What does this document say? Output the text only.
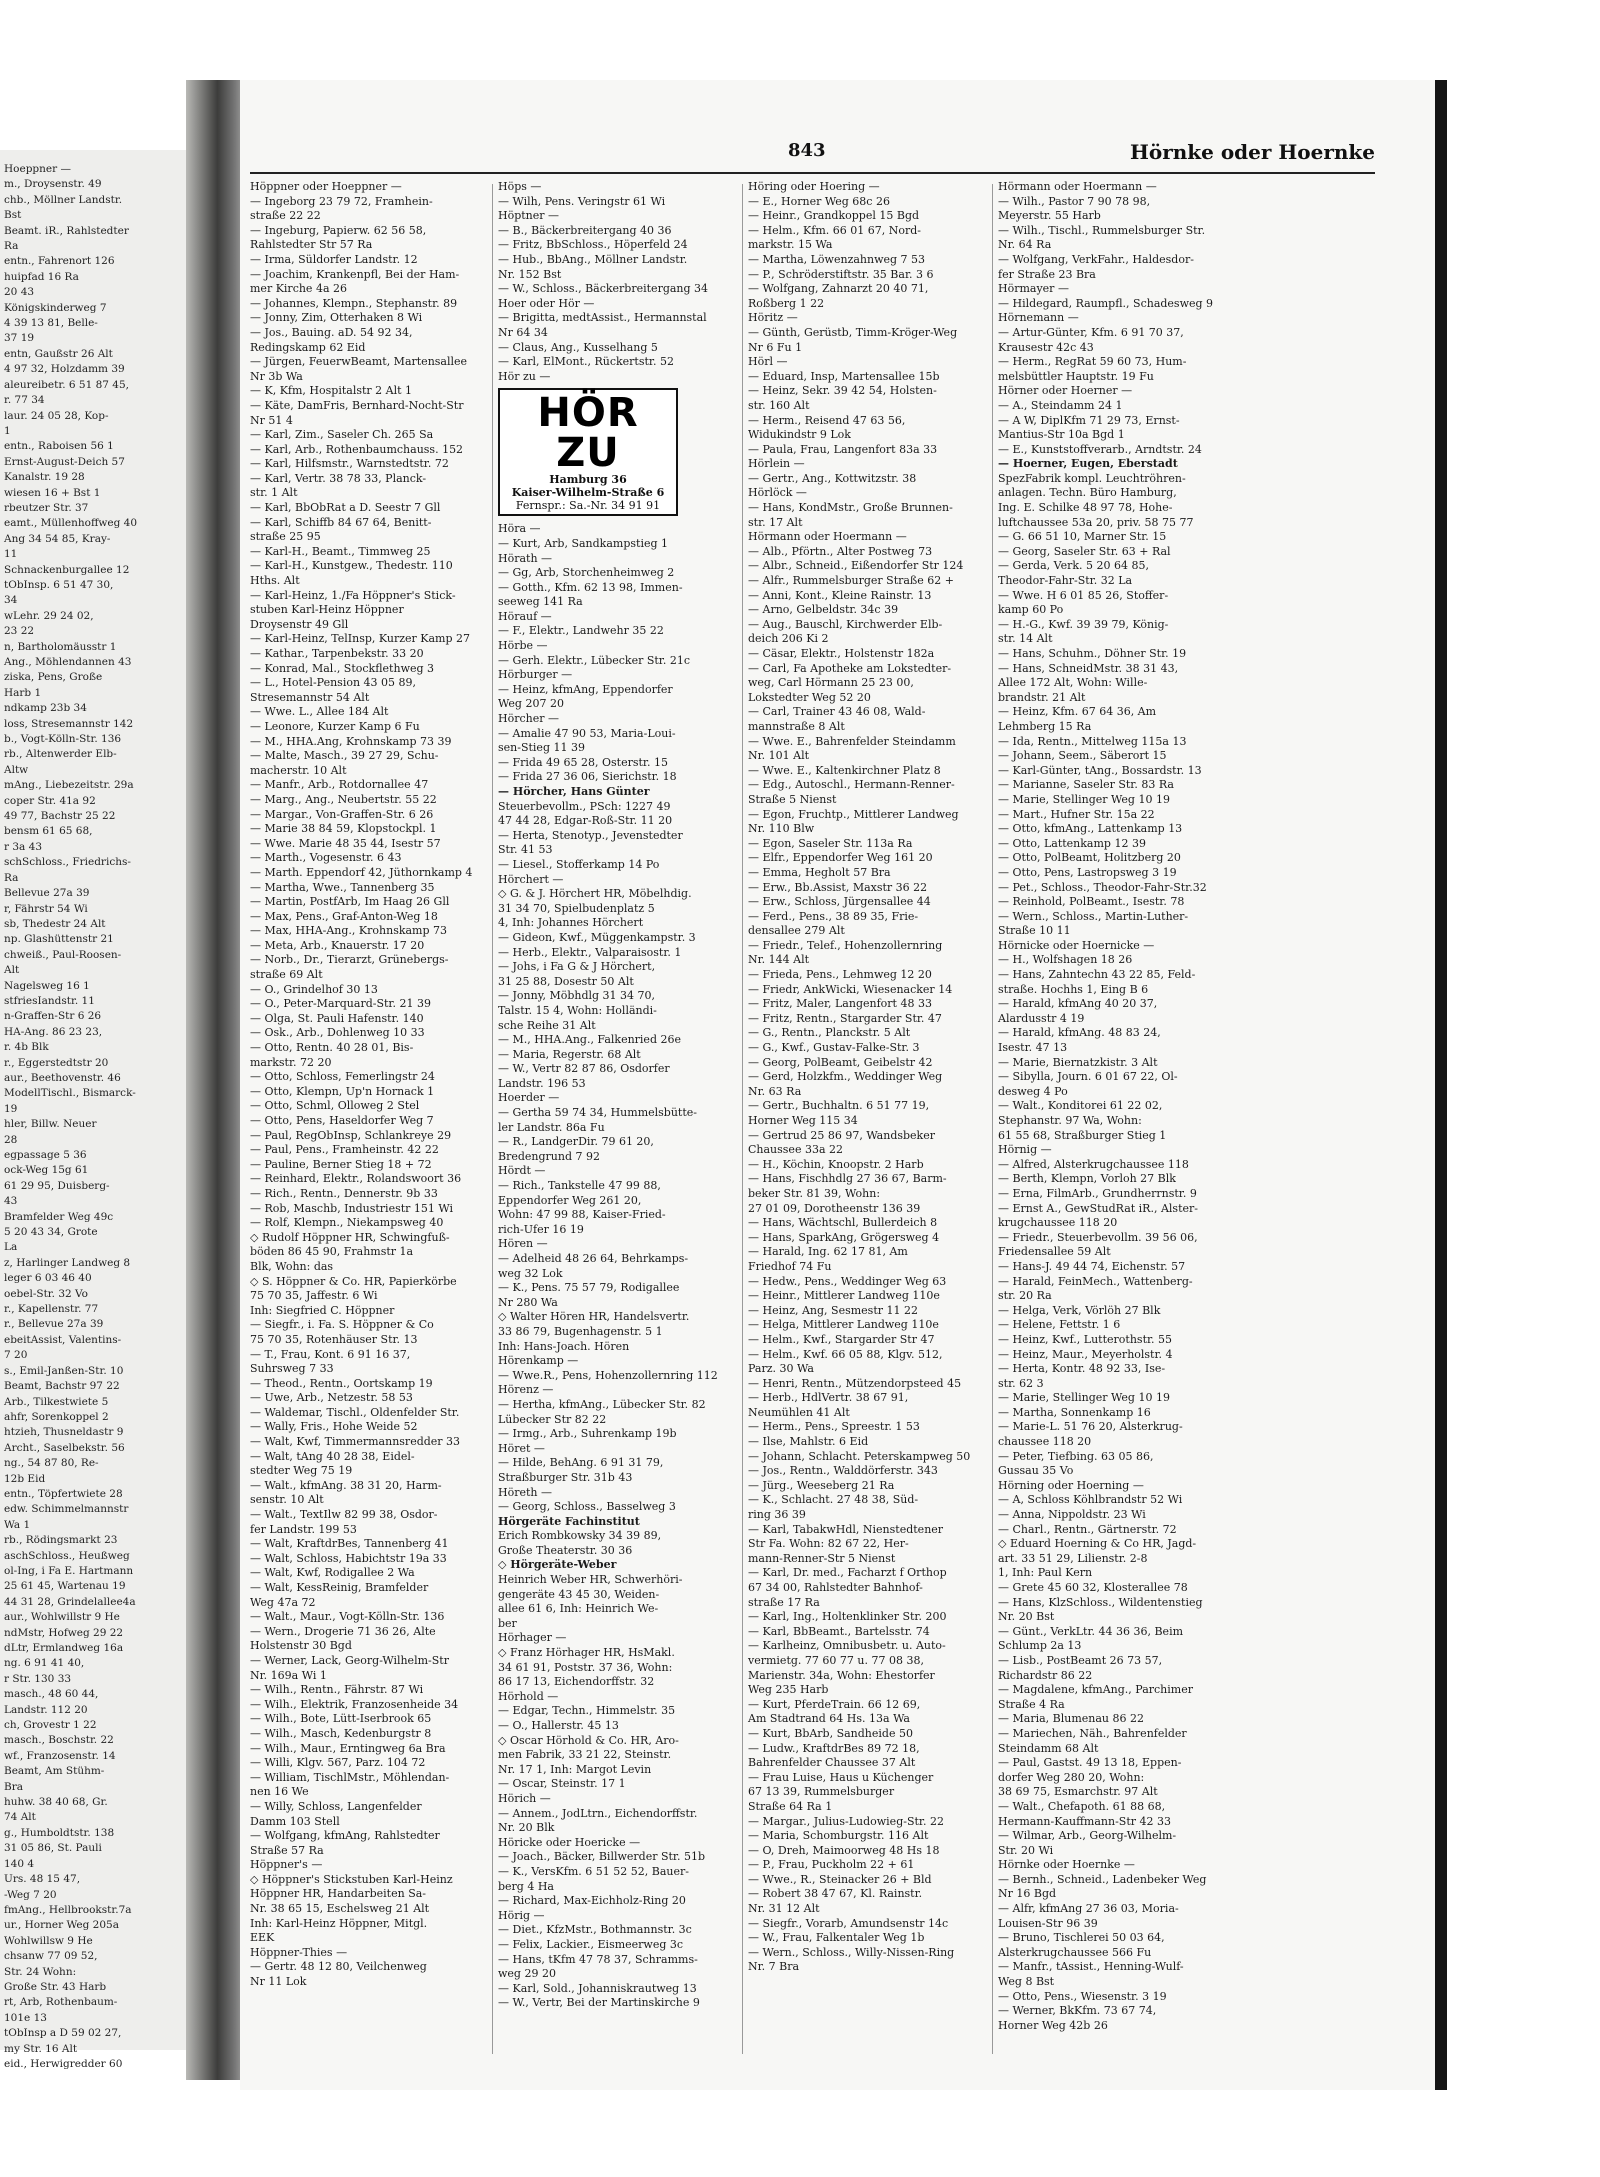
Hoeppner —
m., Droysenstr. 49
chb., Möllner Landstr.
Bst
Beamt. iR., Rahlstedter
Ra
entn., Fahrenort 126
huipfad 16 Ra
20 43
Königskinderweg 7
4 39 13 81, Belle-
37 19
entn, Gaußstr 26 Alt
4 97 32, Holzdamm 39
aleureibetr. 6 51 87 45,
r. 77 34
laur. 24 05 28, Kop-
1
entn., Raboisen 56 1
Ernst-August-Deich 57
Kanalstr. 19 28
wiesen 16 + Bst 1
rbeutzer Str. 37
eamt., Müllenhoffweg 40
Ang 34 54 85, Kray-
11
Schnackenburgallee 12
tObInsp. 6 51 47 30,
34
wLehr. 29 24 02,
23 22
n, Bartholomäusstr 1
Ang., Möhlendannen 43
ziska, Pens, Große
Harb 1
ndkamp 23b 34
loss, Stresemannstr 142
b., Vogt-Kölln-Str. 136
rb., Altenwerder Elb-
Altw
mAng., Liebezeitstr. 29a
coper Str. 41a 92
49 77, Bachstr 25 22
bensm 61 65 68,
r 3a 43
schSchloss., Friedrichs-
Ra
Bellevue 27a 39
r, Fährstr 54 Wi
sb, Thedestr 24 Alt
np. Glashüttenstr 21
chweiß., Paul-Roosen-
Alt
Nagelsweg 16 1
stfriesIandstr. 11
n-Graffen-Str 6 26
HA-Ang. 86 23 23,
r. 4b Blk
r., Eggerstedtstr 20
aur., Beethovenstr. 46
ModellTischl., Bismarck-
19
hler, Billw. Neuer
28
egpassage 5 36
ock-Weg 15g 61
61 29 95, Duisberg-
43
Bramfelder Weg 49c
5 20 43 34, Grote
La
z, Harlinger Landweg 8
leger 6 03 46 40
oebel-Str. 32 Vo
r., Kapellenstr. 77
r., Bellevue 27a 39
ebeitAssist, Valentins-
7 20
s., Emil-Janßen-Str. 10
Beamt, Bachstr 97 22
Arb., Tilkestwiete 5
ahfr, Sorenkoppel 2
htzieh, Thusneldastr 9
Archt., Saselbekstr. 56
ng., 54 87 80, Re-
12b Eid
entn., Töpfertwiete 28
edw. Schimmelmannstr
Wa 1
rb., Rödingsmarkt 23
aschSchloss., Heußweg
ol-Ing, i Fa E. Hartmann
25 61 45, Wartenau 19
44 31 28, Grindelallee4a
aur., Wohlwillstr 9 He
ndMstr, Hofweg 29 22
dLtr, Ermlandweg 16a
ng. 6 91 41 40,
r Str. 130 33
masch., 48 60 44,
Landstr. 112 20
ch, Grovestr 1 22
masch., Boschstr. 22
wf., Franzosenstr. 14
Beamt, Am Stühm-
Bra
huhw. 38 40 68, Gr.
74 Alt
g., Humboldtstr. 138
31 05 86, St. Pauli
140 4
Urs. 48 15 47,
-Weg 7 20
fmAng., Hellbrookstr.7a
ur., Horner Weg 205a
Wohlwillsw 9 He
chsanw 77 09 52,
Str. 24 Wohn:
Große Str. 43 Harb
rt, Arb, Rothenbaum-
101e 13
tObInsp a D 59 02 27,
my Str. 16 Alt
eid., Herwigredder 60
843	Hörnke oder Hoernke
Höppner oder Hoeppner —
— Ingeborg 23 79 72, Framhein-
straße 22 22
— Ingeburg, Papierw. 62 56 58,
Rahlstedter Str 57 Ra
— Irma, Süldorfer Landstr. 12
— Joachim, Krankenpfl, Bei der Ham-
mer Kirche 4a 26
— Johannes, Klempn., Stephanstr. 89
— Jonny, Zim, Otterhaken 8 Wi
— Jos., Bauing. aD. 54 92 34,
Redingskamp 62 Eid
— Jürgen, FeuerwBeamt, Martensallee
Nr 3b Wa
— K, Kfm, Hospitalstr 2 Alt 1
— Käte, DamFris, Bernhard-Nocht-Str
Nr 51 4
— Karl, Zim., Saseler Ch. 265 Sa
— Karl, Arb., Rothenbaumchauss. 152
— Karl, Hilfsmstr., Warnstedtstr. 72
— Karl, Vertr. 38 78 33, Planck-
str. 1 Alt
— Karl, BbObRat a D. Seestr 7 Gll
— Karl, Schiffb 84 67 64, Benitt-
straße 25 95
— Karl-H., Beamt., Timmweg 25
— Karl-H., Kunstgew., Thedestr. 110
Hths. Alt
— Karl-Heinz, 1./Fa Höppner's Stick-
stuben Karl-Heinz Höppner
Droysenstr 49 Gll
— Karl-Heinz, TelInsp, Kurzer Kamp 27
— Kathar., Tarpenbekstr. 33 20
— Konrad, Mal., Stockflethweg 3
— L., Hotel-Pension 43 05 89,
Stresemannstr 54 Alt
— Wwe. L., Allee 184 Alt
— Leonore, Kurzer Kamp 6 Fu
— M., HHA.Ang, Krohnskamp 73 39
— Malte, Masch., 39 27 29, Schu-
macherstr. 10 Alt
— Manfr., Arb., Rotdornallee 47
— Marg., Ang., Neubertstr. 55 22
— Margar., Von-Graffen-Str. 6 26
— Marie 38 84 59, Klopstockpl. 1
— Wwe. Marie 48 35 44, Isestr 57
— Marth., Vogesenstr. 6 43
— Marth. Eppendorf 42, Jüthornkamp 4
— Martha, Wwe., Tannenberg 35
— Martin, PostfArb, Im Haag 26 Gll
— Max, Pens., Graf-Anton-Weg 18
— Max, HHA-Ang., Krohnskamp 73
— Meta, Arb., Knauerstr. 17 20
— Norb., Dr., Tierarzt, Grünebergs-
straße 69 Alt
— O., Grindelhof 30 13
— O., Peter-Marquard-Str. 21 39
— Olga, St. Pauli Hafenstr. 140
— Osk., Arb., Dohlenweg 10 33
— Otto, Rentn. 40 28 01, Bis-
markstr. 72 20
— Otto, Schloss, Femerlingstr 24
— Otto, Klempn, Up'n Hornack 1
— Otto, Schml, Olloweg 2 Stel
— Otto, Pens, Haseldorfer Weg 7
— Paul, RegObInsp, Schlankreye 29
— Paul, Pens., Framheinstr. 42 22
— Pauline, Berner Stieg 18 + 72
— Reinhard, Elektr., Rolandswoort 36
— Rich., Rentn., Dennerstr. 9b 33
— Rob, Maschb, Industriestr 151 Wi
— Rolf, Klempn., Niekampsweg 40
◇ Rudolf Höppner HR, Schwingfuß-
böden 86 45 90, Frahmstr 1a
Blk, Wohn: das
◇ S. Höppner & Co. HR, Papierkörbe
75 70 35, Jaffestr. 6 Wi
Inh: Siegfried C. Höppner
— Siegfr., i. Fa. S. Höppner & Co
75 70 35, Rotenhäuser Str. 13
— T., Frau, Kont. 6 91 16 37,
Suhrsweg 7 33
— Theod., Rentn., Oortskamp 19
— Uwe, Arb., Netzestr. 58 53
— Waldemar, Tischl., Oldenfelder Str.
— Wally, Fris., Hohe Weide 52
— Walt, Kwf, Timmermannsredder 33
— Walt, tAng 40 28 38, Eidel-
stedter Weg 75 19
— Walt., kfmAng. 38 31 20, Harm-
senstr. 10 Alt
— Walt., TextIlw 82 99 38, Osdor-
fer Landstr. 199 53
— Walt, KraftdrBes, Tannenberg 41
— Walt, Schloss, Habichtstr 19a 33
— Walt, Kwf, Rodigallee 2 Wa
— Walt, KessReinig, Bramfelder
Weg 47a 72
— Walt., Maur., Vogt-Kölln-Str. 136
— Wern., Drogerie 71 36 26, Alte
Holstenstr 30 Bgd
— Werner, Lack, Georg-Wilhelm-Str
Nr. 169a Wi 1
— Wilh., Rentn., Fährstr. 87 Wi
— Wilh., Elektrik, Franzosenheide 34
— Wilh., Bote, Lütt-Iserbrook 65
— Wilh., Masch, Kedenburgstr 8
— Wilh., Maur., Erntingweg 6a Bra
— Willi, Klgv. 567, Parz. 104 72
— William, TischlMstr., Möhlendan-
nen 16 We
— Willy, Schloss, Langenfelder
Damm 103 Stell
— Wolfgang, kfmAng, Rahlstedter
Straße 57 Ra
Höppner's —
◇ Höppner's Stickstuben Karl-Heinz
Höppner HR, Handarbeiten Sa-
Nr. 38 65 15, Eschelsweg 21 Alt
Inh: Karl-Heinz Höppner, Mitgl.
EEK
Höppner-Thies —
— Gertr. 48 12 80, Veilchenweg
Nr 11 Lok
Höps —
— Wilh, Pens. Veringstr 61 Wi
Höptner —
— B., Bäckerbreitergang 40 36
— Fritz, BbSchloss., Höperfeld 24
— Hub., BbAng., Möllner Landstr.
Nr. 152 Bst
— W., Schloss., Bäckerbreitergang 34
Hoer oder Hör —
— Brigitta, medtAssist., Hermannstal
Nr 64 34
— Claus, Ang., Kusselhang 5
— Karl, ElMont., Rückertstr. 52
Hör zu —
HÖR ZU
Hamburg 36
Kaiser-Wilhelm-Straße 6
Fernspr.: Sa.-Nr. 34 91 91
Höra —
— Kurt, Arb, Sandkampstieg 1
Hörath —
— Gg, Arb, Storchenheimweg 2
— Gotth., Kfm. 62 13 98, Immen-
seeweg 141 Ra
Hörauf —
— F., Elektr., Landwehr 35 22
Hörbe —
— Gerh. Elektr., Lübecker Str. 21c
Hörburger —
— Heinz, kfmAng, Eppendorfer
Weg 207 20
Hörcher —
— Amalie 47 90 53, Maria-Loui-
sen-Stieg 11 39
— Frida 49 65 28, Osterstr. 15
— Frida 27 36 06, Sierichstr. 18
— Hörcher, Hans Günter
Steuerbevollm., PSch: 1227 49
47 44 28, Edgar-Roß-Str. 11 20
— Herta, Stenotyp., Jevenstedter
Str. 41 53
— Liesel., Stofferkamp 14 Po
Hörchert —
◇ G. & J. Hörchert HR, Möbelhdig.
31 34 70, Spielbudenplatz 5
4, Inh: Johannes Hörchert
— Gideon, Kwf., Müggenkampstr. 3
— Herb., Elektr., Valparaisostr. 1
— Johs, i Fa G & J Hörchert,
31 25 88, Dosestr 50 Alt
— Jonny, Möbhdlg 31 34 70,
Talstr. 15 4, Wohn: Holländi-
sche Reihe 31 Alt
— M., HHA.Ang., Falkenried 26e
— Maria, Regerstr. 68 Alt
— W., Vertr 82 87 86, Osdorfer
Landstr. 196 53
Hoerder —
— Gertha 59 74 34, Hummelsbütte-
ler Landstr. 86a Fu
— R., LandgerDir. 79 61 20,
Bredengrund 7 92
Hördt —
— Rich., Tankstelle 47 99 88,
Eppendorfer Weg 261 20,
Wohn: 47 99 88, Kaiser-Fried-
rich-Ufer 16 19
Hören —
— Adelheid 48 26 64, Behrkamps-
weg 32 Lok
— K., Pens. 75 57 79, Rodigallee
Nr 280 Wa
◇ Walter Hören HR, Handelsvertr.
33 86 79, Bugenhagenstr. 5 1
Inh: Hans-Joach. Hören
Hörenkamp —
— Wwe.R., Pens, Hohenzollernring 112
Hörenz —
— Hertha, kfmAng., Lübecker Str. 82
Lübecker Str 82 22
— Irmg., Arb., Suhrenkamp 19b
Höret —
— Hilde, BehAng. 6 91 31 79,
Straßburger Str. 31b 43
Höreth —
— Georg, Schloss., Basselweg 3
Hörgeräte Fachinstitut
Erich Rombkowsky 34 39 89,
Große Theaterstr. 30 36
◇ Hörgeräte-Weber
Heinrich Weber HR, Schwerhöri-
gengeräte 43 45 30, Weiden-
allee 61 6, Inh: Heinrich We-
ber
Hörhager —
◇ Franz Hörhager HR, HsMakl.
34 61 91, Poststr. 37 36, Wohn:
86 17 13, Eichendorffstr. 32
Hörhold —
— Edgar, Techn., Himmelstr. 35
— O., Hallerstr. 45 13
◇ Oscar Hörhold & Co. HR, Aro-
men Fabrik, 33 21 22, Steinstr.
Nr. 17 1, Inh: Margot Levin
— Oscar, Steinstr. 17 1
Hörich —
— Annem., JodLtrn., Eichendorffstr.
Nr. 20 Blk
Höricke oder Hoericke —
— Joach., Bäcker, Billwerder Str. 51b
— K., VersKfm. 6 51 52 52, Bauer-
berg 4 Ha
— Richard, Max-Eichholz-Ring 20
Hörig —
— Diet., KfzMstr., Bothmannstr. 3c
— Felix, Lackier., Eismeerweg 3c
— Hans, tKfm 47 78 37, Schramms-
weg 29 20
— Karl, Sold., Johanniskrautweg 13
— W., Vertr, Bei der Martinskirche 9
Höring oder Hoering —
— E., Horner Weg 68c 26
— Heinr., Grandkoppel 15 Bgd
— Helm., Kfm. 66 01 67, Nord-
markstr. 15 Wa
— Martha, Löwenzahnweg 7 53
— P., Schröderstiftstr. 35 Bar. 3 6
— Wolfgang, Zahnarzt 20 40 71,
Roßberg 1 22
Höritz —
— Günth, Gerüstb, Timm-Kröger-Weg
Nr 6 Fu 1
Hörl —
— Eduard, Insp, Martensallee 15b
— Heinz, Sekr. 39 42 54, Holsten-
str. 160 Alt
— Herm., Reisend 47 63 56,
Widukindstr 9 Lok
— Paula, Frau, Langenfort 83a 33
Hörlein —
— Gertr., Ang., Kottwitzstr. 38
Hörlöck —
— Hans, KondMstr., Große Brunnen-
str. 17 Alt
Hörmann oder Hoermann —
— Alb., Pförtn., Alter Postweg 73
— Albr., Schneid., Eißendorfer Str 124
— Alfr., Rummelsburger Straße 62 +
— Anni, Kont., Kleine Rainstr. 13
— Arno, Gelbeldstr. 34c 39
— Aug., Bauschl, Kirchwerder Elb-
deich 206 Ki 2
— Cäsar, Elektr., Holstenstr 182a
— Carl, Fa Apotheke am Lokstedter-
weg, Carl Hörmann 25 23 00,
Lokstedter Weg 52 20
— Carl, Trainer 43 46 08, Wald-
mannstraße 8 Alt
— Wwe. E., Bahrenfelder Steindamm
Nr. 101 Alt
— Wwe. E., Kaltenkirchner Platz 8
— Edg., Autoschl., Hermann-Renner-
Straße 5 Nienst
— Egon, Fruchtp., Mittlerer Landweg
Nr. 110 Blw
— Egon, Saseler Str. 113a Ra
— Elfr., Eppendorfer Weg 161 20
— Emma, Hegholt 57 Bra
— Erw., Bb.Assist, Maxstr 36 22
— Erw., Schloss, Jürgensallee 44
— Ferd., Pens., 38 89 35, Frie-
densallee 279 Alt
— Friedr., Telef., Hohenzollernring
Nr. 144 Alt
— Frieda, Pens., Lehmweg 12 20
— Friedr, AnkWicki, Wiesenacker 14
— Fritz, Maler, Langenfort 48 33
— Fritz, Rentn., Stargarder Str. 47
— G., Rentn., Planckstr. 5 Alt
— G., Kwf., Gustav-Falke-Str. 3
— Georg, PolBeamt, Geibelstr 42
— Gerd, Holzkfm., Weddinger Weg
Nr. 63 Ra
— Gertr., Buchhaltn. 6 51 77 19,
Horner Weg 115 34
— Gertrud 25 86 97, Wandsbeker
Chaussee 33a 22
— H., Köchin, Knoopstr. 2 Harb
— Hans, Fischhdlg 27 36 67, Barm-
beker Str. 81 39, Wohn:
27 01 09, Dorotheenstr 136 39
— Hans, Wächtschl, Bullerdeich 8
— Hans, SparkAng, Grögersweg 4
— Harald, Ing. 62 17 81, Am
Friedhof 74 Fu
— Hedw., Pens., Weddinger Weg 63
— Heinr., Mittlerer Landweg 110e
— Heinz, Ang, Sesmestr 11 22
— Helga, Mittlerer Landweg 110e
— Helm., Kwf., Stargarder Str 47
— Helm., Kwf. 66 05 88, Klgv. 512,
Parz. 30 Wa
— Henri, Rentn., Mützendorpsteed 45
— Herb., HdlVertr. 38 67 91,
Neumühlen 41 Alt
— Herm., Pens., Spreestr. 1 53
— Ilse, Mahlstr. 6 Eid
— Johann, Schlacht. Peterskampweg 50
— Jos., Rentn., Walddörferstr. 343
— Jürg., Weeseberg 21 Ra
— K., Schlacht. 27 48 38, Süd-
ring 36 39
— Karl, TabakwHdl, Nienstedtener
Str Fa. Wohn: 82 67 22, Her-
mann-Renner-Str 5 Nienst
— Karl, Dr. med., Facharzt f Orthop
67 34 00, Rahlstedter Bahnhof-
straße 17 Ra
— Karl, Ing., Holtenklinker Str. 200
— Karl, BbBeamt., Bartelsstr. 74
— Karlheinz, Omnibusbetr. u. Auto-
vermietg. 77 60 77 u. 77 08 38,
Marienstr. 34a, Wohn: Ehestorfer
Weg 235 Harb
— Kurt, PferdeTrain. 66 12 69,
Am Stadtrand 64 Hs. 13a Wa
— Kurt, BbArb, Sandheide 50
— Ludw., KraftdrBes 89 72 18,
Bahrenfelder Chaussee 37 Alt
— Frau Luise, Haus u Küchenger
67 13 39, Rummelsburger
Straße 64 Ra 1
— Margar., Julius-Ludowieg-Str. 22
— Maria, Schomburgstr. 116 Alt
— O, Dreh, Maimoorweg 48 Hs 18
— P., Frau, Puckholm 22 + 61
— Wwe., R., Steinacker 26 + Bld
— Robert 38 47 67, Kl. Rainstr.
Nr. 31 12 Alt
— Siegfr., Vorarb, Amundsenstr 14c
— W., Frau, Falkentaler Weg 1b
— Wern., Schloss., Willy-Nissen-Ring
Nr. 7 Bra
Hörmann oder Hoermann —
— Wilh., Pastor 7 90 78 98,
Meyerstr. 55 Harb
— Wilh., Tischl., Rummelsburger Str.
Nr. 64 Ra
— Wolfgang, VerkFahr., Haldesdor-
fer Straße 23 Bra
Hörmayer —
— Hildegard, Raumpfl., Schadesweg 9
Hörnemann —
— Artur-Günter, Kfm. 6 91 70 37,
Krausestr 42c 43
— Herm., RegRat 59 60 73, Hum-
melsbüttler Hauptstr. 19 Fu
Hörner oder Hoerner —
— A., Steindamm 24 1
— A W, DiplKfm 71 29 73, Ernst-
Mantius-Str 10a Bgd 1
— E., Kunststoffverarb., Arndtstr. 24
— Hoerner, Eugen, Eberstadt
SpezFabrik kompl. Leuchtröhren-
anlagen. Techn. Büro Hamburg,
Ing. E. Schilke 48 97 78, Hohe-
luftchaussee 53a 20, priv. 58 75 77
— G. 66 51 10, Marner Str. 15
— Georg, Saseler Str. 63 + Ral
— Gerda, Verk. 5 20 64 85,
Theodor-Fahr-Str. 32 La
— Wwe. H 6 01 85 26, Stoffer-
kamp 60 Po
— H.-G., Kwf. 39 39 79, König-
str. 14 Alt
— Hans, Schuhm., Döhner Str. 19
— Hans, SchneidMstr. 38 31 43,
Allee 172 Alt, Wohn: Wille-
brandstr. 21 Alt
— Heinz, Kfm. 67 64 36, Am
Lehmberg 15 Ra
— Ida, Rentn., Mittelweg 115a 13
— Johann, Seem., Säberort 15
— Karl-Günter, tAng., Bossardstr. 13
— Marianne, Saseler Str. 83 Ra
— Marie, Stellinger Weg 10 19
— Mart., Hufner Str. 15a 22
— Otto, kfmAng., Lattenkamp 13
— Otto, Lattenkamp 12 39
— Otto, PolBeamt, Holitzberg 20
— Otto, Pens, Lastropsweg 3 19
— Pet., Schloss., Theodor-Fahr-Str.32
— Reinhold, PolBeamt., Isestr. 78
— Wern., Schloss., Martin-Luther-
Straße 10 11
Hörnicke oder Hoernicke —
— H., Wolfshagen 18 26
— Hans, Zahntechn 43 22 85, Feld-
straße. Hochhs 1, Eing B 6
— Harald, kfmAng 40 20 37,
Alardusstr 4 19
— Harald, kfmAng. 48 83 24,
Isestr. 47 13
— Marie, Biernatzkistr. 3 Alt
— Sibylla, Journ. 6 01 67 22, Ol-
desweg 4 Po
— Walt., Konditorei 61 22 02,
Stephanstr. 97 Wa, Wohn:
61 55 68, Straßburger Stieg 1
Hörnig —
— Alfred, Alsterkrugchaussee 118
— Berth, Klempn, Vorloh 27 Blk
— Erna, FilmArb., Grundherrnstr. 9
— Ernst A., GewStudRat iR., Alster-
krugchaussee 118 20
— Friedr., Steuerbevollm. 39 56 06,
Friedensallee 59 Alt
— Hans-J. 49 44 74, Eichenstr. 57
— Harald, FeinMech., Wattenberg-
str. 20 Ra
— Helga, Verk, Vörlöh 27 Blk
— Helene, Fettstr. 1 6
— Heinz, Kwf., Lutterothstr. 55
— Heinz, Maur., Meyerholstr. 4
— Herta, Kontr. 48 92 33, Ise-
str. 62 3
— Marie, Stellinger Weg 10 19
— Martha, Sonnenkamp 16
— Marie-L. 51 76 20, Alsterkrug-
chaussee 118 20
— Peter, Tiefbing. 63 05 86,
Gussau 35 Vo
Hörning oder Hoerning —
— A, Schloss Köhlbrandstr 52 Wi
— Anna, Nippoldstr. 23 Wi
— Charl., Rentn., Gärtnerstr. 72
◇ Eduard Hoerning & Co HR, Jagd-
art. 33 51 29, Lilienstr. 2-8
1, Inh: Paul Kern
— Grete 45 60 32, Klosterallee 78
— Hans, KlzSchloss., Wildentenstieg
Nr. 20 Bst
— Günt., VerkLtr. 44 36 36, Beim
Schlump 2a 13
— Lisb., PostBeamt 26 73 57,
Richardstr 86 22
— Magdalene, kfmAng., Parchimer
Straße 4 Ra
— Maria, Blumenau 86 22
— Mariechen, Näh., Bahrenfelder
Steindamm 68 Alt
— Paul, Gastst. 49 13 18, Eppen-
dorfer Weg 280 20, Wohn:
38 69 75, Esmarchstr. 97 Alt
— Walt., Chefapoth. 61 88 68,
Hermann-Kauffmann-Str 42 33
— Wilmar, Arb., Georg-Wilhelm-
Str. 20 Wi
Hörnke oder Hoernke —
— Bernh., Schneid., Ladenbeker Weg
Nr 16 Bgd
— Alfr, kfmAng 27 36 03, Moria-
Louisen-Str 96 39
— Bruno, Tischlerei 50 03 64,
Alsterkrugchaussee 566 Fu
— Manfr., tAssist., Henning-Wulf-
Weg 8 Bst
— Otto, Pens., Wiesenstr. 3 19
— Werner, BkKfm. 73 67 74,
Horner Weg 42b 26
